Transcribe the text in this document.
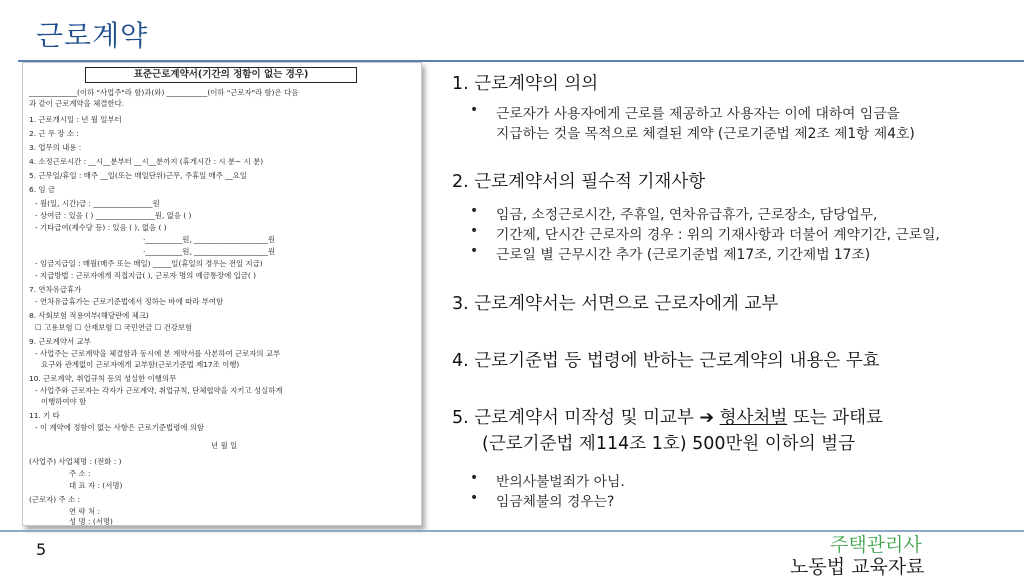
근로계약
표준근로계약서(기간의 정함이 없는 경우)
_____________(이하 "사업주"라 함)과(와) ___________(이하 "근로자"라 함)은 다음
과 같이 근로계약을 체결한다.
1. 근로개시일 : 년 월 일부터
2. 근 무 장 소 :
3. 업무의 내용 :
4. 소정근로시간 : __시__분부터 __시__분까지 (휴게시간 : 시 분~ 시 분)
5. 근무일/휴일 : 매주 __일(또는 매일단위)근무, 주휴일 매주 __요일
6. 임 금
- 월(일, 시간)급 : ________________원
- 상여금 : 있음 ( ) ________________원, 없음 ( )
- 기타급여(제수당 등) : 있음 ( ), 없음 ( )
·__________원, ____________________원
·__________원, ____________________원
- 임금지급일 : 매월(매주 또는 매일) _____일(휴일의 경우는 전일 지급)
- 지급방법 : 근로자에게 직접지급( ), 근로자 명의 예금통장에 입금( )
7. 연차유급휴가
- 연차유급휴가는 근로기준법에서 정하는 바에 따라 부여함
8. 사회보험 적용여부(해당란에 체크)
☐ 고용보험 ☐ 산재보험 ☐ 국민연금 ☐ 건강보험
9. 근로계약서 교부
- 사업주는 근로계약을 체결함과 동시에 본 계약서를 사본하여 근로자의 교부
요구와 관계없이 근로자에게 교부함(근로기준법 제17조 이행)
10. 근로계약, 취업규칙 등의 성실한 이행의무
- 사업주와 근로자는 각자가 근로계약, 취업규칙, 단체협약을 지키고 성실하게
이행하여야 함
11. 기 타
- 이 계약에 정함이 없는 사항은 근로기준법령에 의함
년 월 일
(사업주) 사업체명 : (전화 : )
주 소 :
대 표 자 : (서명)
(근로자) 주 소 :
연 락 처 :
성 명 : (서명)
1. 근로계약의 의의
• 근로자가 사용자에게 근로를 제공하고 사용자는 이에 대하여 임금을
지급하는 것을 목적으로 체결된 계약 (근로기준법 제2조 제1항 제4호)
2. 근로계약서의 필수적 기재사항
• 임금, 소정근로시간, 주휴일, 연차유급휴가, 근로장소, 담당업무,
• 기간제, 단시간 근로자의 경우 : 위의 기재사항과 더불어 계약기간, 근로일,
• 근로일 별 근무시간 추가 (근로기준법 제17조, 기간제법 17조)
3. 근로계약서는 서면으로 근로자에게 교부
4. 근로기준법 등 법령에 반하는 근로계약의 내용은 무효
5. 근로계약서 미작성 및 미교부 ➔ 형사처벌 또는 과태료
(근로기준법 제114조 1호) 500만원 이하의 벌금
• 반의사불벌죄가 아님.
• 임금체불의 경우는?
5	주택관리사
노동법 교육자료
